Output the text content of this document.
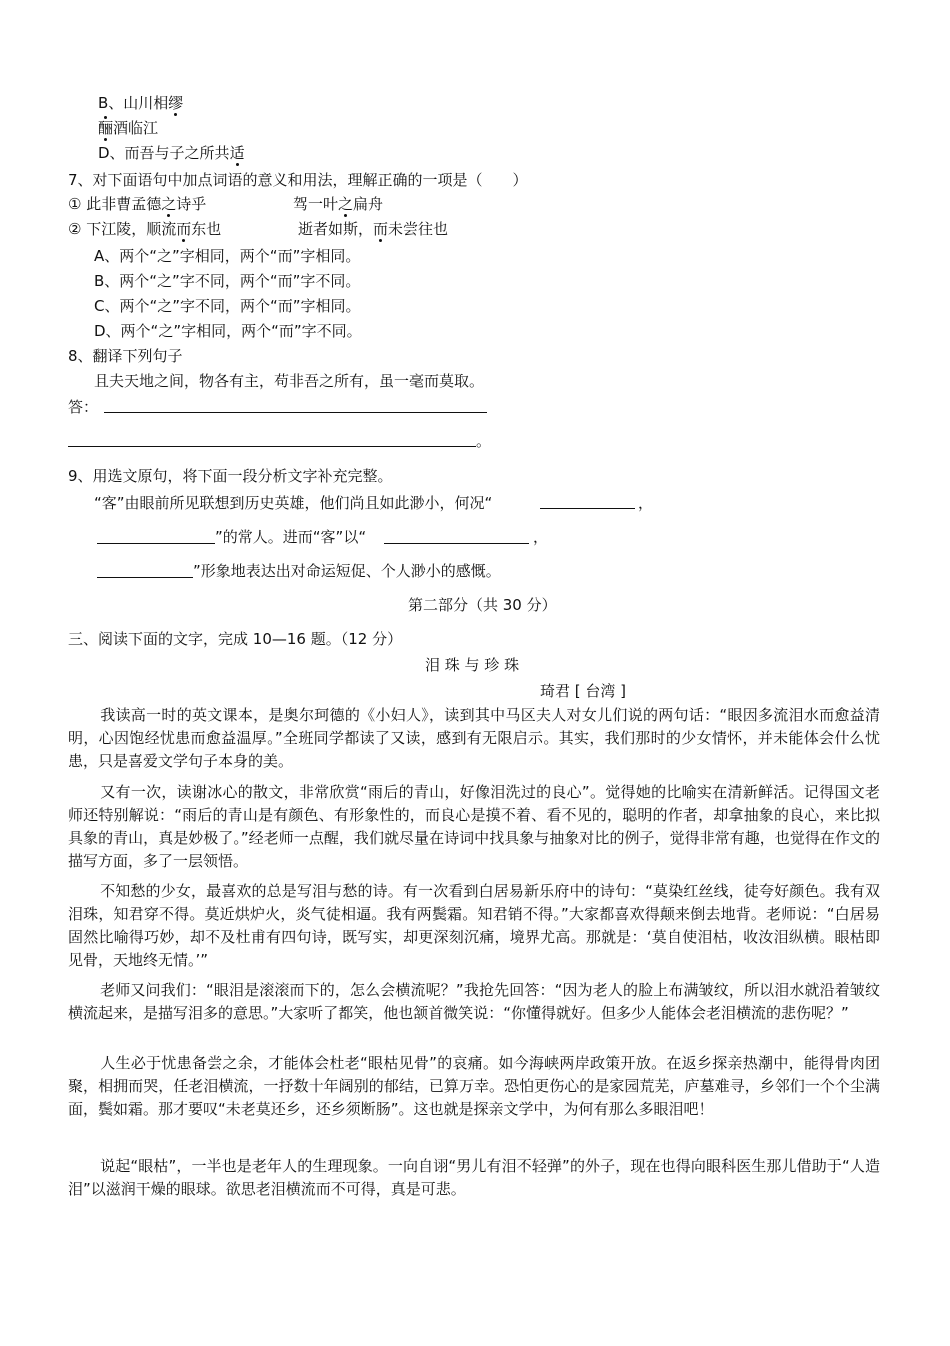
B、山川相缪
酾酒临江
D、而吾与子之所共适
7、对下面语句中加点词语的意义和用法，理解正确的一项是（　　）
① 此非曹孟德之诗乎	驾一叶之扁舟
② 下江陵，顺流而东也	逝者如斯，而未尝往也
A、两个“之”字相同，两个“而”字相同。
B、两个“之”字不同，两个“而”字不同。
C、两个“之”字不同，两个“而”字相同。
D、两个“之”字相同，两个“而”字不同。
8、翻译下列句子
且夫天地之间，物各有主，苟非吾之所有，虽一毫而莫取。
答：
。
9、用选文原句，将下面一段分析文字补充完整。
“客”由眼前所见联想到历史英雄，他们尚且如此渺小，何况“	，
”的常人。进而“客”以“	，
”形象地表达出对命运短促、个人渺小的感慨。
第二部分（共 30 分）
三、阅读下面的文字，完成 10—16 题。（12 分）
泪 珠 与 珍 珠
琦君 [ 台湾 ]
我读高一时的英文课本，是奥尔珂德的《小妇人》，读到其中马区夫人对女儿们说的两句话：“眼因多流泪水而愈益清明，心因饱经忧患而愈益温厚。”全班同学都读了又读，感到有无限启示。其实，我们那时的少女情怀，并未能体会什么忧患，只是喜爱文学句子本身的美。
又有一次，读谢冰心的散文，非常欣赏“雨后的青山，好像泪洗过的良心”。觉得她的比喻实在清新鲜活。记得国文老师还特别解说：“雨后的青山是有颜色、有形象性的，而良心是摸不着、看不见的，聪明的作者，却拿抽象的良心，来比拟具象的青山，真是妙极了。”经老师一点醒，我们就尽量在诗词中找具象与抽象对比的例子，觉得非常有趣，也觉得在作文的描写方面，多了一层领悟。
不知愁的少女，最喜欢的总是写泪与愁的诗。有一次看到白居易新乐府中的诗句：“莫染红丝线，徒夸好颜色。我有双泪珠，知君穿不得。莫近烘炉火，炎气徒相逼。我有两鬓霜。知君销不得。”大家都喜欢得颠来倒去地背。老师说：“白居易固然比喻得巧妙，却不及杜甫有四句诗，既写实，却更深刻沉痛，境界尤高。那就是：‘莫自使泪枯，收汝泪纵横。眼枯即见骨，天地终无情。’”
老师又问我们：“眼泪是滚滚而下的，怎么会横流呢？”我抢先回答：“因为老人的脸上布满皱纹，所以泪水就沿着皱纹横流起来，是描写泪多的意思。”大家听了都笑，他也颔首微笑说：“你懂得就好。但多少人能体会老泪横流的悲伤呢？”
人生必于忧患备尝之余，才能体会杜老“眼枯见骨”的哀痛。如今海峡两岸政策开放。在返乡探亲热潮中，能得骨肉团聚，相拥而哭，任老泪横流，一抒数十年阔别的郁结，已算万幸。恐怕更伤心的是家园荒芜，庐墓难寻，乡邻们一个个尘满面，鬓如霜。那才要叹“未老莫还乡，还乡须断肠”。这也就是探亲文学中，为何有那么多眼泪吧！
说起“眼枯”，一半也是老年人的生理现象。一向自诩“男儿有泪不轻弹”的外子，现在也得向眼科医生那儿借助于“人造泪”以滋润干燥的眼球。欲思老泪横流而不可得，真是可悲。
